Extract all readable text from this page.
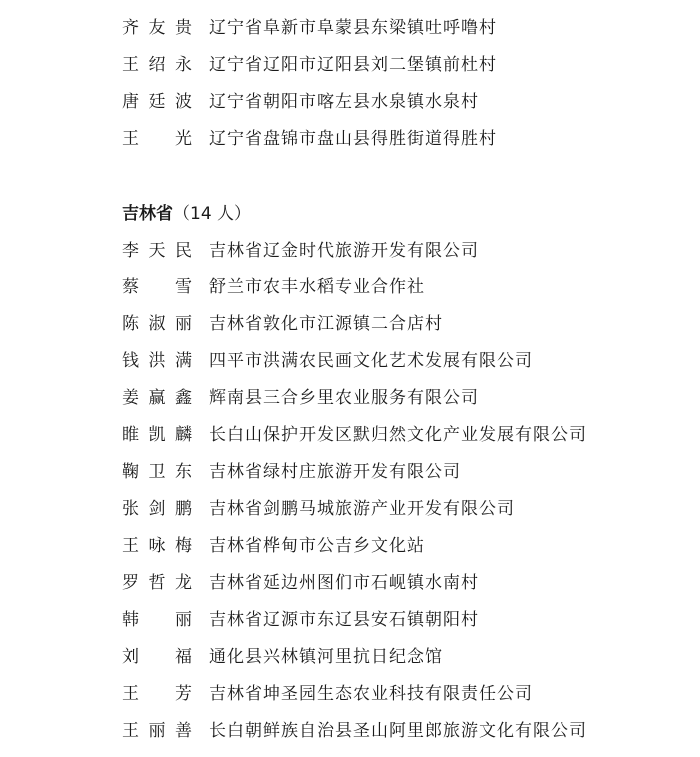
齐友贵 辽宁省阜新市阜蒙县东梁镇吐呼噜村
王绍永 辽宁省辽阳市辽阳县刘二堡镇前杜村
唐廷波 辽宁省朝阳市喀左县水泉镇水泉村
王　光 辽宁省盘锦市盘山县得胜街道得胜村
吉林省（14 人）
李天民 吉林省辽金时代旅游开发有限公司
蔡　雪 舒兰市农丰水稻专业合作社
陈淑丽 吉林省敦化市江源镇二合店村
钱洪满 四平市洪满农民画文化艺术发展有限公司
姜赢鑫 辉南县三合乡里农业服务有限公司
睢凯麟 长白山保护开发区默归然文化产业发展有限公司
鞠卫东 吉林省绿村庄旅游开发有限公司
张剑鹏 吉林省剑鹏马城旅游产业开发有限公司
王咏梅 吉林省桦甸市公吉乡文化站
罗哲龙 吉林省延边州图们市石岘镇水南村
韩　丽 吉林省辽源市东辽县安石镇朝阳村
刘　福 通化县兴林镇河里抗日纪念馆
王　芳 吉林省坤圣园生态农业科技有限责任公司
王丽善 长白朝鲜族自治县圣山阿里郎旅游文化有限公司
